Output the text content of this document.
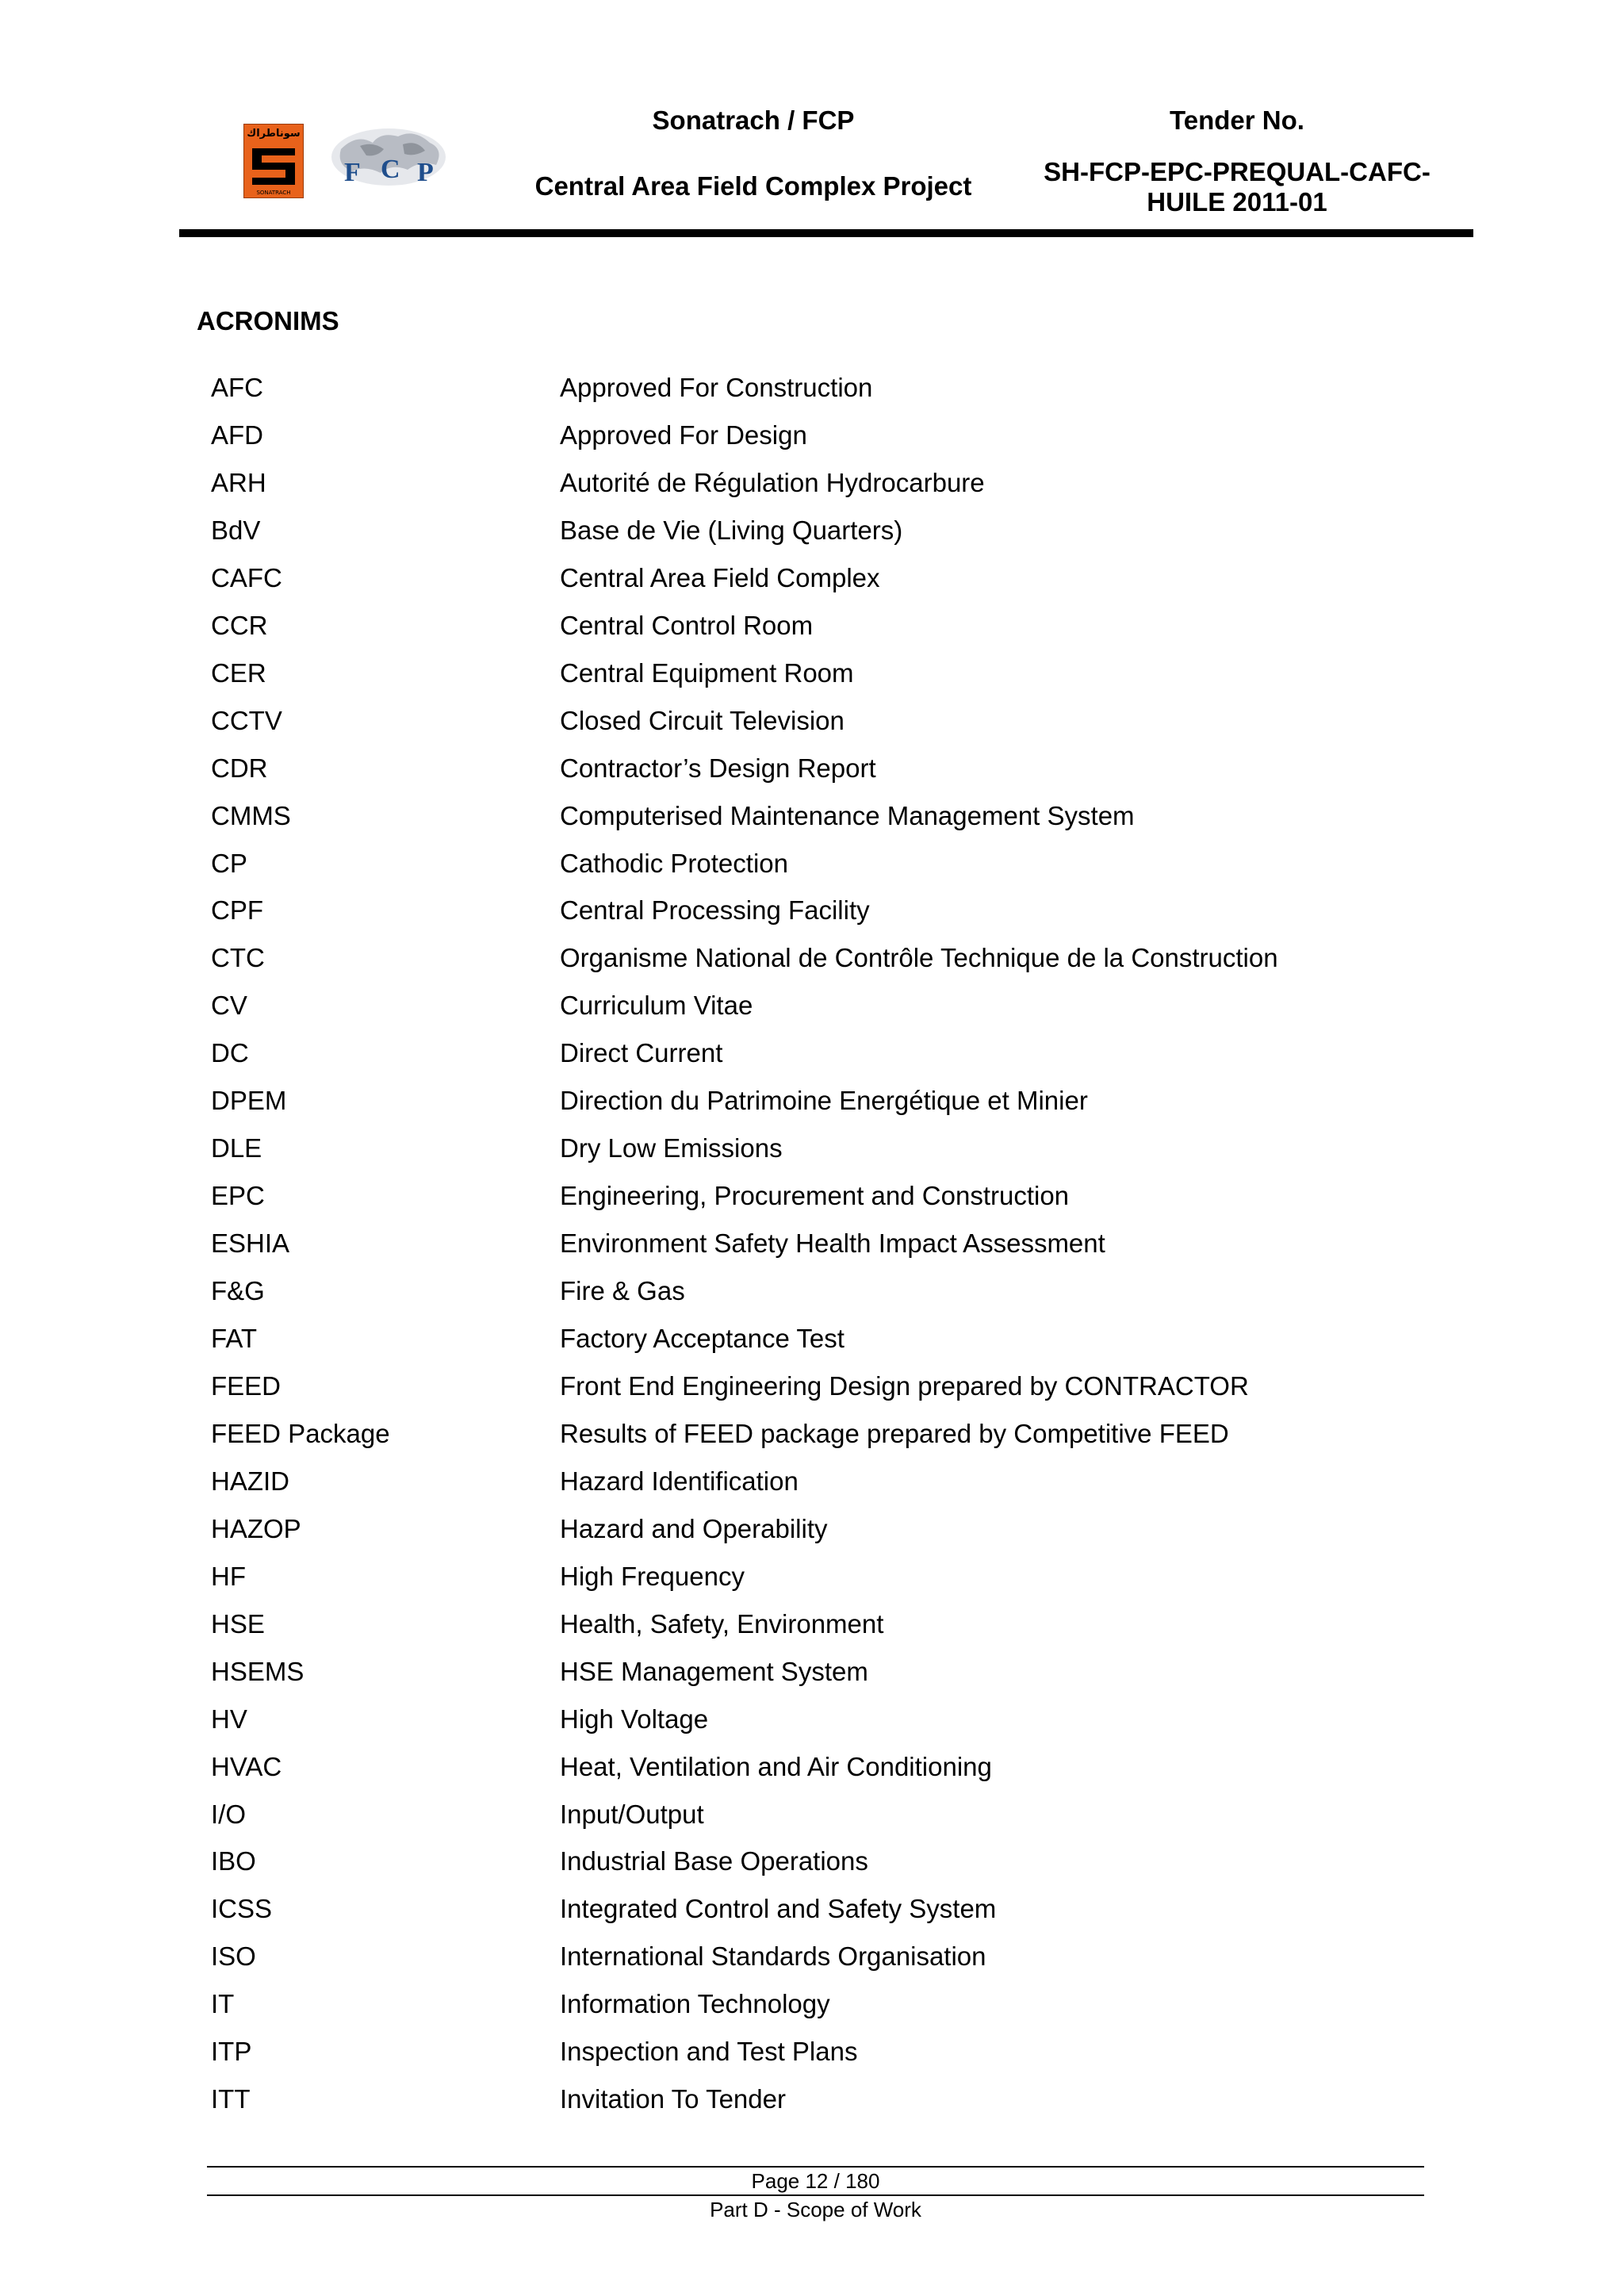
سوناطراك
SONATRACH
F C P
Sonatrach / FCP
Central Area Field Complex Project
Tender No.
SH-FCP-EPC-PREQUAL-CAFC-
HUILE 2011-01
ACRONIMS
AFC	Approved For Construction
AFD	Approved For Design
ARH	Autorité de Régulation Hydrocarbure
BdV	Base de Vie (Living Quarters)
CAFC	Central Area Field Complex
CCR	Central Control Room
CER	Central Equipment Room
CCTV	Closed Circuit Television
CDR	Contractor’s Design Report
CMMS	Computerised Maintenance Management System
CP	Cathodic Protection
CPF	Central Processing Facility
CTC	Organisme National de Contrôle Technique de la Construction
CV	Curriculum Vitae
DC	Direct Current
DPEM	Direction du Patrimoine Energétique et Minier
DLE	Dry Low Emissions
EPC	Engineering, Procurement and Construction
ESHIA	Environment Safety Health Impact Assessment
F&G	Fire & Gas
FAT	Factory Acceptance Test
FEED	Front End Engineering Design prepared by CONTRACTOR
FEED Package	Results of FEED package prepared by Competitive FEED
HAZID	Hazard Identification
HAZOP	Hazard and Operability
HF	High Frequency
HSE	Health, Safety, Environment
HSEMS	HSE Management System
HV	High Voltage
HVAC	Heat, Ventilation and Air Conditioning
I/O	Input/Output
IBO	Industrial Base Operations
ICSS	Integrated Control and Safety System
ISO	International Standards Organisation
IT	Information Technology
ITP	Inspection and Test Plans
ITT	Invitation To Tender
Page 12 / 180
Part D - Scope of Work
